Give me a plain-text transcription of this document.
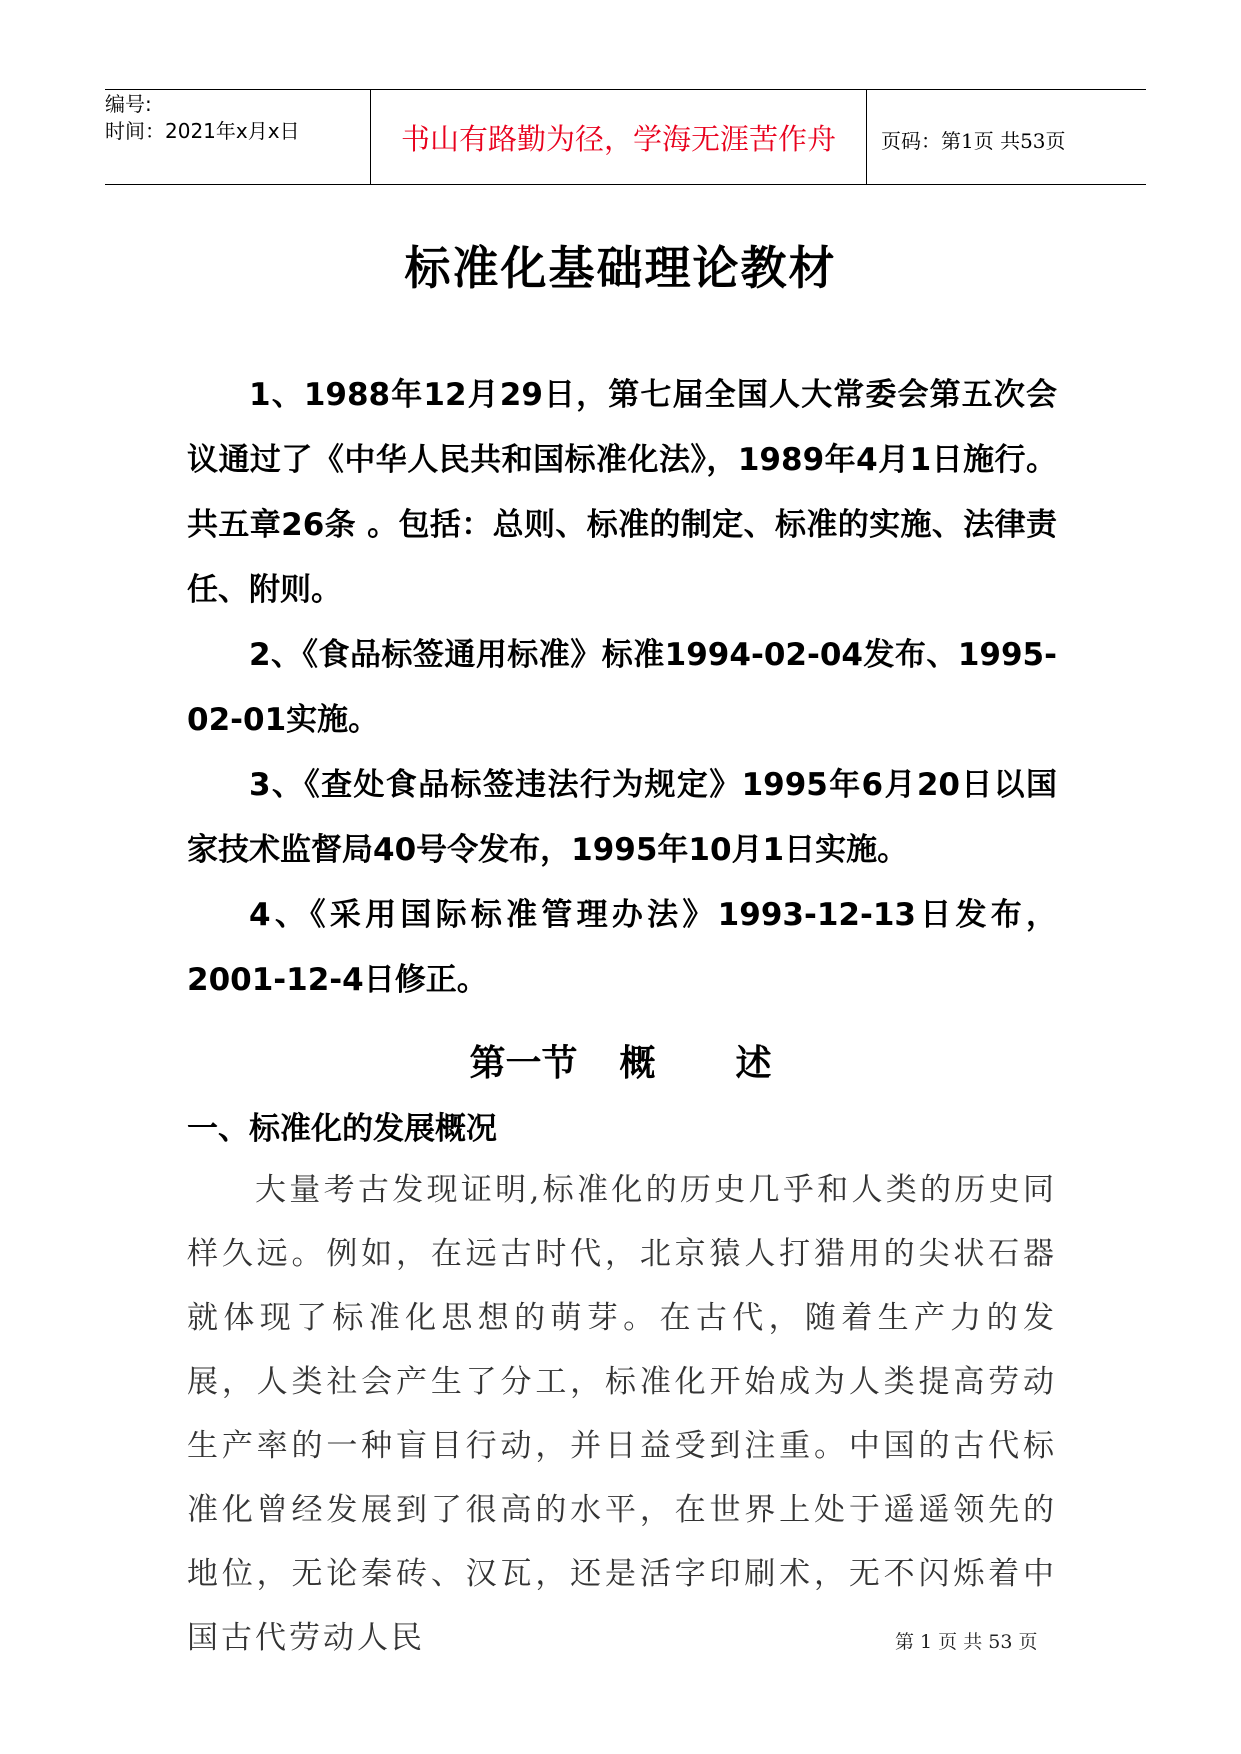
编号:
时间：2021年x月x日	书山有路勤为径，学海无涯苦作舟	页码：第1页 共53页
标准化基础理论教材

1、1988年12月29日，第七届全国人大常委会第五次会议通过了《中华人民共和国标准化法》，1989年4月1日施行。共五章26条 。包括：总则、标准的制定、标准的实施、法律责任、附则。

2、《食品标签通用标准》标准1994-02-04发布、1995-02-01实施。

3、《查处食品标签违法行为规定》1995年6月20日以国家技术监督局40号令发布，1995年10月1日实施。

4、《采用国际标准管理办法》1993-12-13日发布，2001-12-4日修正。

第一节 概 述
一、标准化的发展概况

大量考古发现证明,标准化的历史几乎和人类的历史同样久远。例如，在远古时代，北京猿人打猎用的尖状石器就体现了标准化思想的萌芽。在古代，随着生产力的发展，人类社会产生了分工，标准化开始成为人类提高劳动生产率的一种盲目行动，并日益受到注重。中国的古代标准化曾经发展到了很高的水平，在世界上处于遥遥领先的地位，无论秦砖、汉瓦，还是活字印刷术，无不闪烁着中国古代劳动人民	第 1 页 共 53 页
